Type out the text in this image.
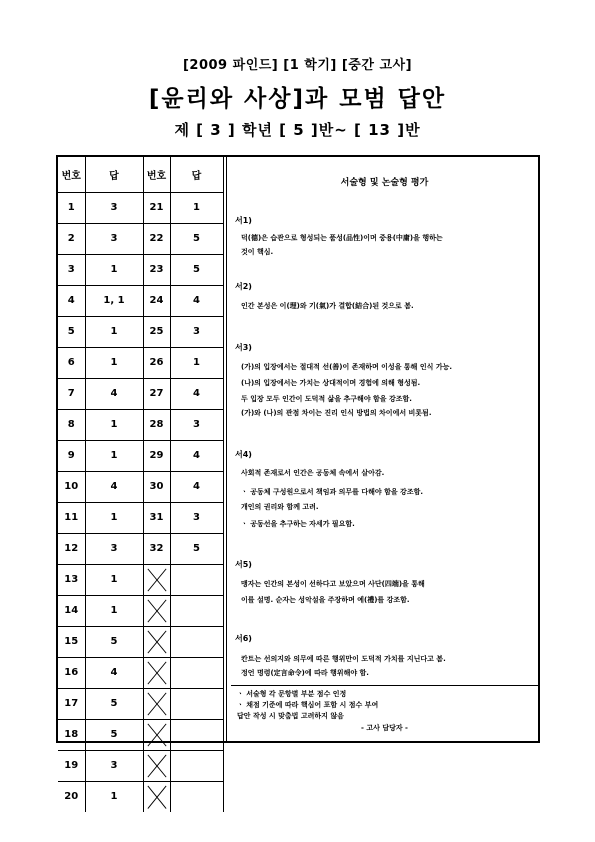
[2009 파인드] [1 학기] [중간 고사]
[윤리와 사상]과 모범 답안
제 [ 3 ] 학년 [ 5 ]반~ [ 13 ]반
번호	답	번호	답
1	3	21	1
2	3	22	5
3	1	23	5
4	1, 1	24	4
5	1	25	3
6	1	26	1
7	4	27	4
8	1	28	3
9	1	29	4
10	4	30	4
11	1	31	3
12	3	32	5
13	1	

14	1	

15	5	

16	4	

17	5	

18	5	

19	3	

20	1	

서술형 및 논술형 평가
서1)
덕(德)은 습관으로 형성되는 품성(品性)이며 중용(中庸)을 행하는
것이 핵심.
서2)
인간 본성은 이(理)와 기(氣)가 결합(結合)된 것으로 봄.
서3)
(가)의 입장에서는 절대적 선(善)이 존재하며 이성을 통해 인식 가능.
(나)의 입장에서는 가치는 상대적이며 경험에 의해 형성됨.
두 입장 모두 인간이 도덕적 삶을 추구해야 함을 강조함.
(가)와 (나)의 관점 차이는 진리 인식 방법의 차이에서 비롯됨.
서4)
사회적 존재로서 인간은 공동체 속에서 살아감.
ㆍ 공동체 구성원으로서 책임과 의무를 다해야 함을 강조함.
개인의 권리와 함께 고려.
ㆍ 공동선을 추구하는 자세가 필요함.
서5)
맹자는 인간의 본성이 선하다고 보았으며 사단(四端)을 통해
이를 설명. 순자는 성악설을 주장하며 예(禮)를 강조함.
서6)
칸트는 선의지와 의무에 따른 행위만이 도덕적 가치를 지닌다고 봄.
정언 명령(定言命令)에 따라 행위해야 함.
ㆍ 서술형 각 문항별 부분 점수 인정
ㆍ 채점 기준에 따라 핵심어 포함 시 점수 부여
답안 작성 시 맞춤법 고려하지 않음
- 고사 담당자 -
